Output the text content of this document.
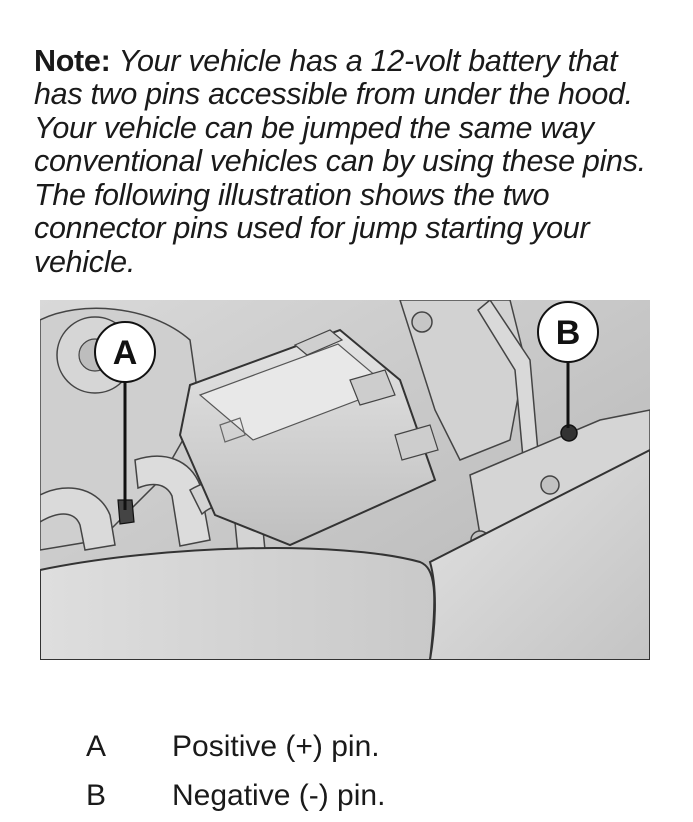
Note: Your vehicle has a 12-volt battery that has two pins accessible from under the hood. Your vehicle can be jumped the same way conventional vehicles can by using these pins. The following illustration shows the two connector pins used for jump starting your vehicle.

A
B
A	Positive (+) pin.
B	Negative (-) pin.
